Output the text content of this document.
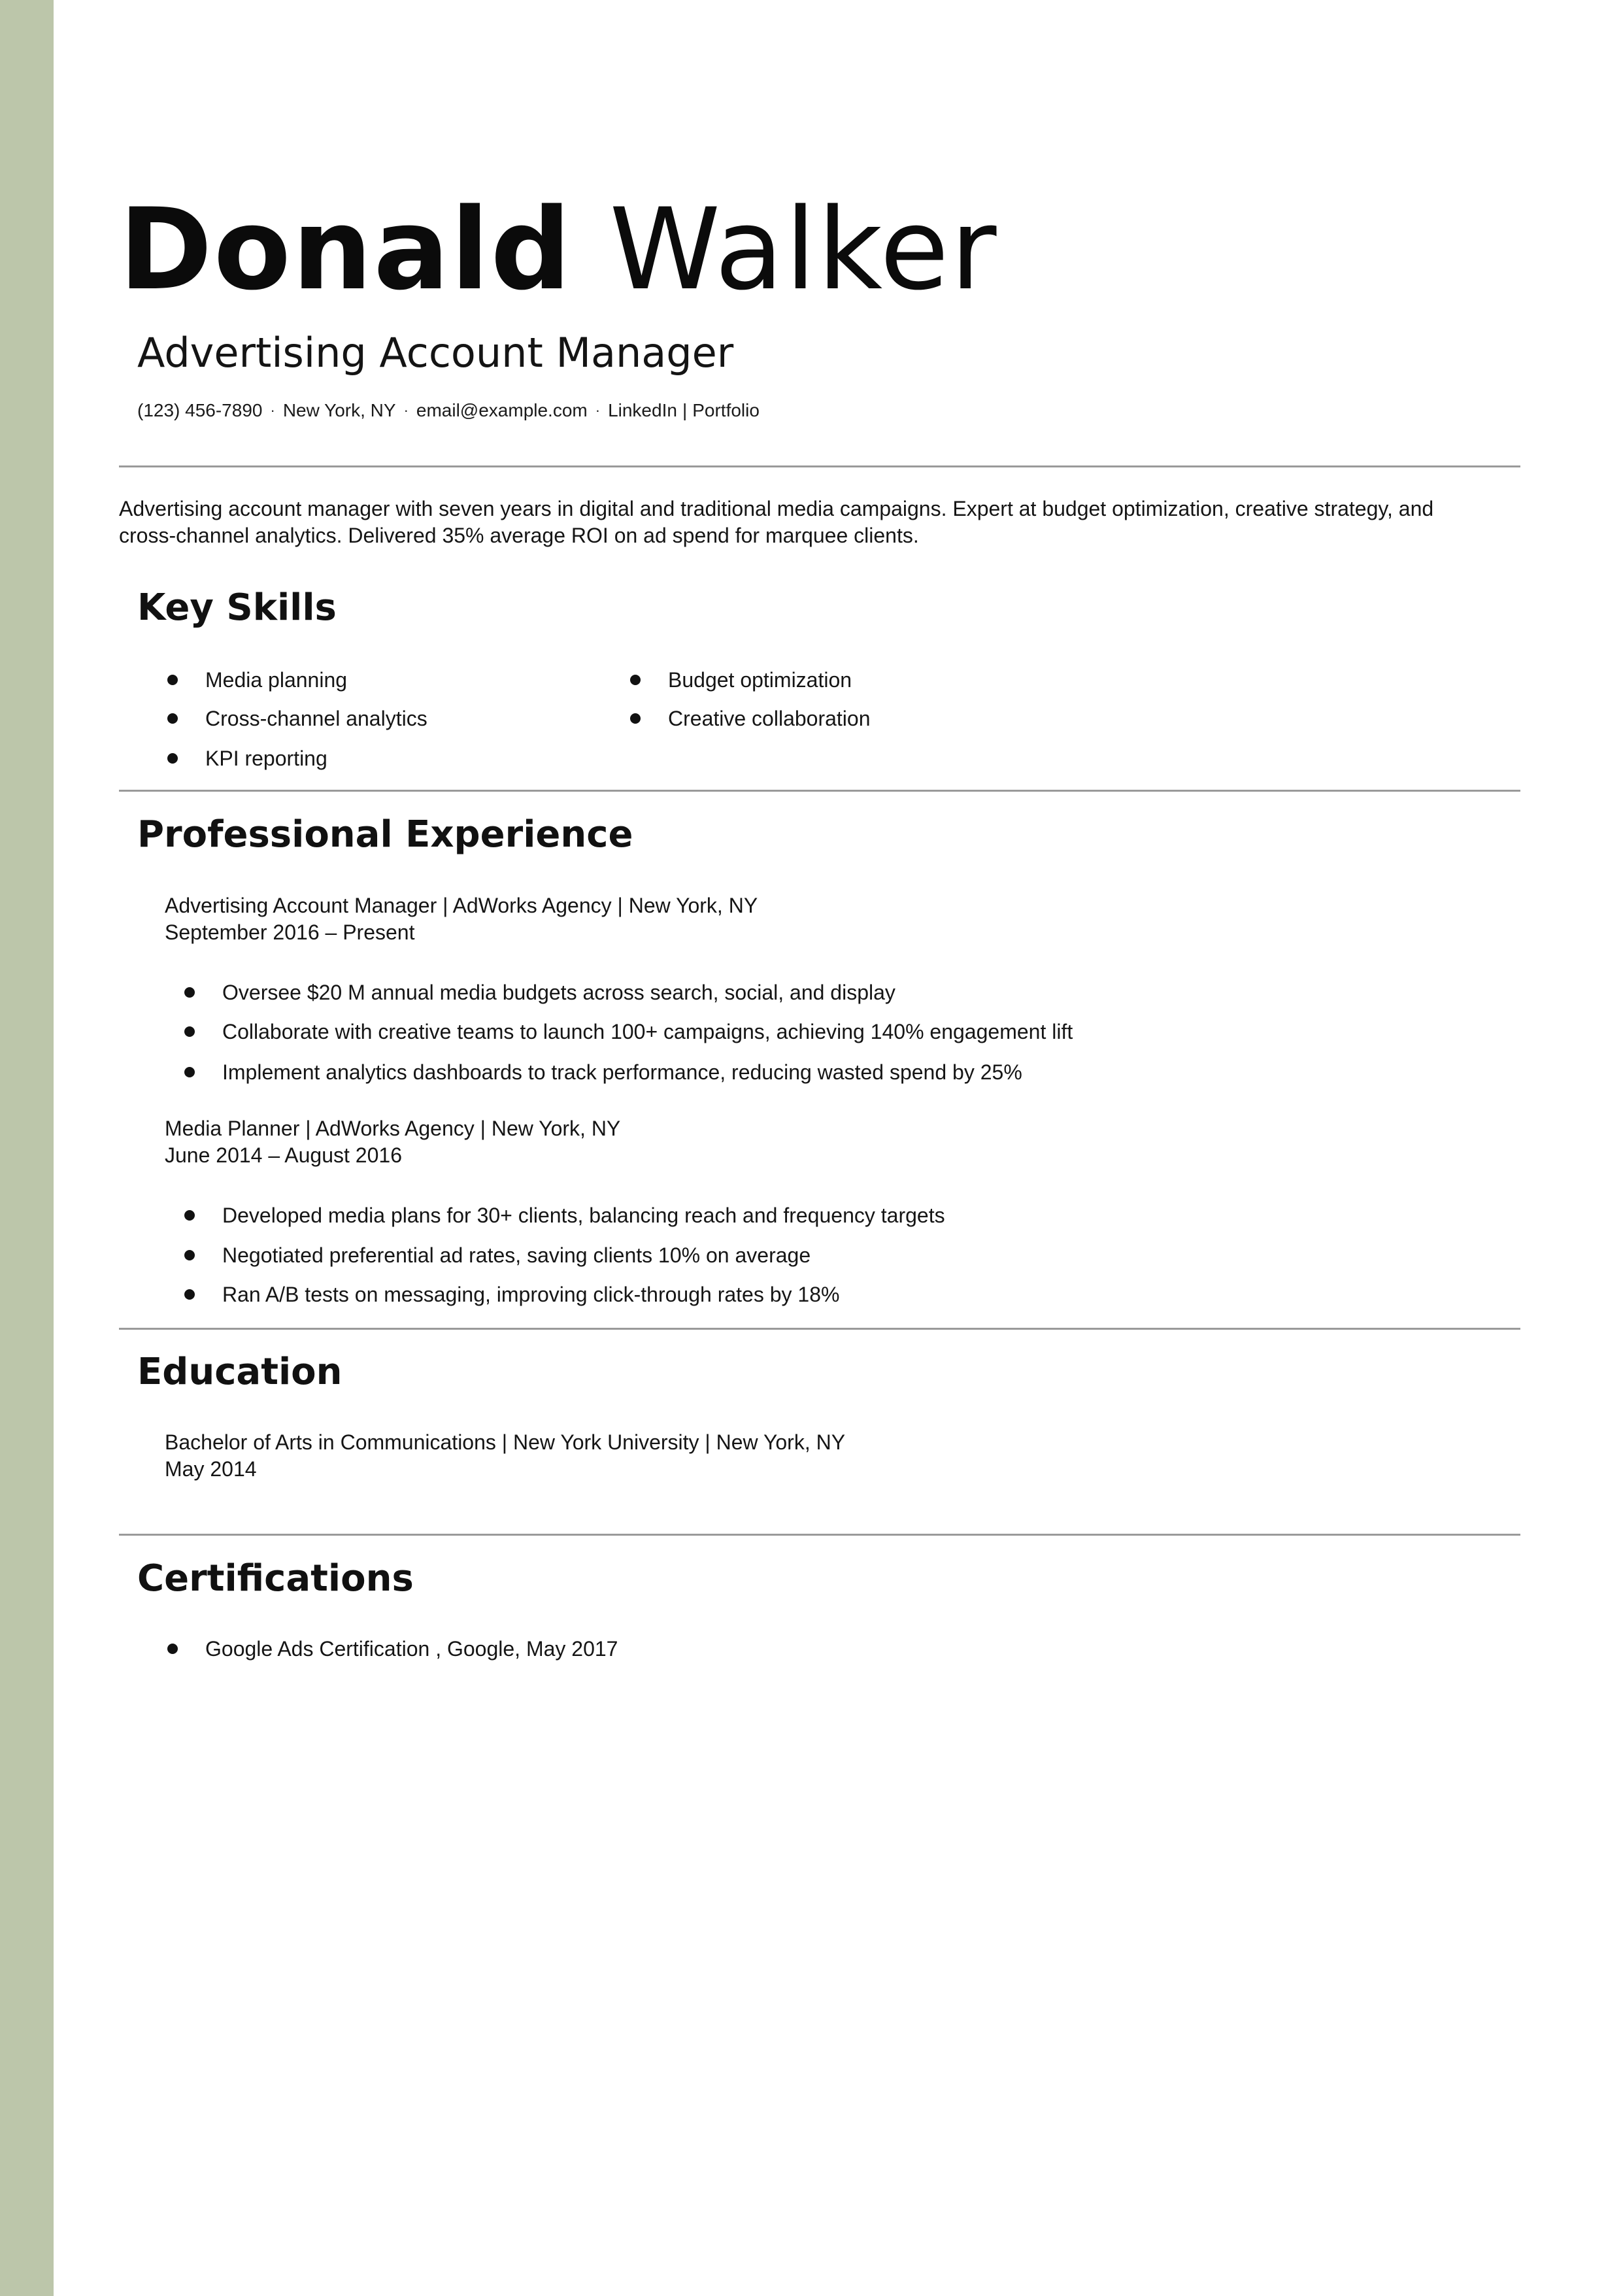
Donald Walker
Advertising Account Manager
(123) 456-7890 · New York, NY · email@example.com · LinkedIn | Portfolio

Advertising account manager with seven years in digital and traditional media campaigns. Expert at budget optimization, creative strategy, and

cross-channel analytics. Delivered 35% average ROI on ad spend for marquee clients.

Key Skills
Media planning	Budget optimization
Cross-channel analytics	Creative collaboration
KPI reporting
Professional Experience
Advertising Account Manager | AdWorks Agency | New York, NY
September 2016 – Present
Oversee $20 M annual media budgets across search, social, and display
Collaborate with creative teams to launch 100+ campaigns, achieving 140% engagement lift
Implement analytics dashboards to track performance, reducing wasted spend by 25%
Media Planner | AdWorks Agency | New York, NY
June 2014 – August 2016
Developed media plans for 30+ clients, balancing reach and frequency targets
Negotiated preferential ad rates, saving clients 10% on average
Ran A/B tests on messaging, improving click-through rates by 18%
Education
Bachelor of Arts in Communications | New York University | New York, NY
May 2014
Certifications
Google Ads Certification , Google, May 2017
